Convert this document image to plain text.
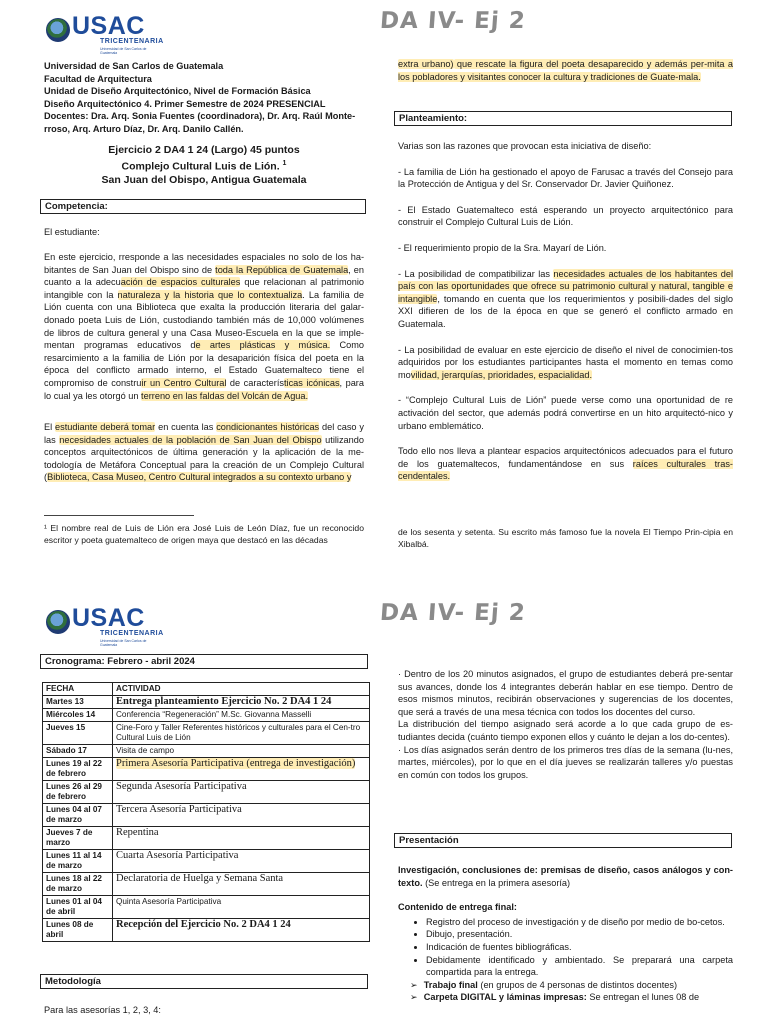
USAC
TRICENTENARIA
Universidad de San Carlos de Guatemala
DA IV- Ej 2
Universidad de San Carlos de Guatemala
Facultad de Arquitectura
Unidad de Diseño Arquitectónico, Nivel de Formación Básica
Diseño Arquitectónico 4. Primer Semestre de 2024 PRESENCIAL
Docentes: Dra. Arq. Sonia Fuentes (coordinadora), Dr. Arq. Raúl Monte-rroso, Arq. Arturo Díaz, Dr. Arq. Danilo Callén.
Ejercicio 2 DA4 1 24 (Largo) 45 puntos
Complejo Cultural Luis de Lión. $^1$
San Juan del Obispo, Antigua Guatemala
Competencia:
El estudiante:
En este ejercicio, rresponde a las necesidades espaciales no solo de los ha-bitantes de San Juan del Obispo sino de toda la República de Guatemala, en cuanto a la adecuación de espacios culturales que relacionan al patrimonio intangible con la naturaleza y la historia que lo contextualiza. La familia de Lión cuenta con una Biblioteca que exalta la producción literaria del galar-donado poeta Luis de Lión, custodiando también más de 10,000 volúmenes de libros de cultura general y una Casa Museo-Escuela en la que se imple-mentan programas educativos de artes plásticas y música. Como resarcimiento a la familia de Lión por la desaparición física del poeta en la época del conflicto armado interno, el Estado Guatemalteco tiene el compromiso de construir un Centro Cultural de características icónicas, para lo cual ya les otorgó un terreno en las faldas del Volcán de Agua.
El estudiante deberá tomar en cuenta las condicionantes históricas del caso y las necesidades actuales de la población de San Juan del Obispo utilizando conceptos arquitectónicos de última generación y la aplicación de la me-todología de Metáfora Conceptual para la creación de un Complejo Cultural (Biblioteca, Casa Museo, Centro Cultural integrados a su contexto urbano y
¹ El nombre real de Luis de Lión era José Luis de León Díaz, fue un reconocido escritor y poeta guatemalteco de origen maya que destacó en las décadas
extra urbano) que rescate la figura del poeta desaparecido y además per-mita a los pobladores y visitantes conocer la cultura y tradiciones de Guate-mala.
Planteamiento:
Varias son las razones que provocan esta iniciativa de diseño:
- La familia de Lión ha gestionado el apoyo de Farusac a través del Consejo para la Protección de Antigua y del Sr. Conservador Dr. Javier Quiñonez.
- El Estado Guatemalteco está esperando un proyecto arquitectónico para construir el Complejo Cultural Luis de Lión.
- El requerimiento propio de la Sra. Mayarí de Lión.
- La posibilidad de compatibilizar las necesidades actuales de los habitantes del país con las oportunidades que ofrece su patrimonio cultural y natural, tangible e intangible, tomando en cuenta que los requerimientos y posibili-dades del siglo XXI difieren de los de la época en que se generó el conflicto armado en Guatemala.
- La posibilidad de evaluar en este ejercicio de diseño el nivel de conocimien-tos adquiridos por los estudiantes participantes hasta el momento en temas como movilidad, jerarquías, prioridades, espacialidad.
- “Complejo Cultural Luis de Lión” puede verse como una oportunidad de re activación del sector, que además podrá convertirse en un hito arquitectó-nico y urbano emblemático.
Todo ello nos lleva a plantear espacios arquitectónicos adecuados para el futuro de los guatemaltecos, fundamentándose en sus raíces culturales tras-cendentales.
de los sesenta y setenta. Su escrito más famoso fue la novela El Tiempo Prin-cipia en Xibalbá.
USAC
TRICENTENARIA
Universidad de San Carlos de Guatemala
DA IV- Ej 2
Cronograma: Febrero - abril 2024
FECHA	ACTIVIDAD
Martes 13	Entrega planteamiento Ejercicio No. 2 DA4 1 24
Miércoles 14	Conferencia “Regeneración” M.Sc. Giovanna Masselli
Jueves 15	Cine-Foro y Taller Referentes históricos y culturales para el Cen-tro Cultural Luis de Lión
Sábado 17	Visita de campo
Lunes 19 al 22 de febrero	Primera Asesoría Participativa (entrega de investigación)
Lunes 26 al 29 de febrero	Segunda Asesoría Participativa
Lunes 04 al 07 de marzo	Tercera Asesoría Participativa
Jueves 7 de marzo	Repentina
Lunes 11 al 14 de marzo	Cuarta Asesoría Participativa
Lunes 18 al 22 de marzo	Declaratoria de Huelga y Semana Santa
Lunes 01 al 04 de abril	Quinta Asesoría Participativa
Lunes 08 de abril	Recepción del Ejercicio No. 2 DA4 1 24
Metodología
Para las asesorías 1, 2, 3, 4:
· Dentro de los 20 minutos asignados, el grupo de estudiantes deberá pre-sentar sus avances, donde los 4 integrantes deberán hablar en ese tiempo. Dentro de esos mismos minutos, recibirán observaciones y sugerencias de los docentes, que será a través de una mesa técnica con todos los docentes del curso.
La distribución del tiempo asignado será acorde a lo que cada grupo de es-tudiantes decida (cuánto tiempo exponen ellos y cuánto le dejan a los do-centes).
· Los días asignados serán dentro de los primeros tres días de la semana (lu-nes, martes, miércoles), por lo que en el día jueves se realizarán talleres y/o puestas en común con todos los grupos.
Presentación
Investigación, conclusiones de: premisas de diseño, casos análogos y con-texto. (Se entrega en la primera asesoría)
Contenido de entrega final:
• Registro del proceso de investigación y de diseño por medio de bo-cetos.
• Dibujo, presentación.
• Indicación de fuentes bibliográficas.
• Debidamente identificado y ambientado. Se preparará una carpeta compartida para la entrega.
➢ Trabajo final (en grupos de 4 personas de distintos docentes)
➢ Carpeta DIGITAL y láminas impresas: Se entregan el lunes 08 de
